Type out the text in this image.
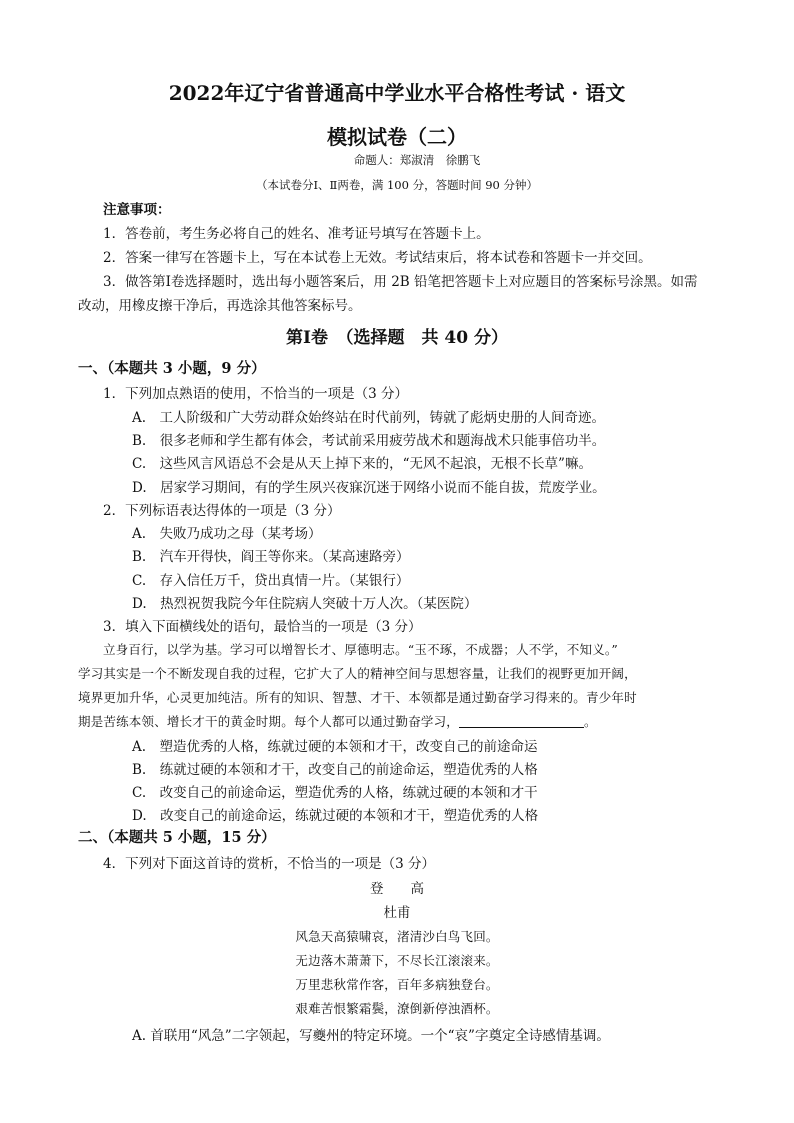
2022年辽宁省普通高中学业水平合格性考试 · 语文
模拟试卷（二）
命题人：郑淑清　徐鹏飞
（本试卷分Ⅰ、Ⅱ两卷，满 100 分，答题时间 90 分钟）
注意事项：
1．答卷前，考生务必将自己的姓名、准考证号填写在答题卡上。
2．答案一律写在答题卡上，写在本试卷上无效。考试结束后，将本试卷和答题卡一并交回。
3．做答第Ⅰ卷选择题时，选出每小题答案后，用 2B 铅笔把答题卡上对应题目的答案标号涂黑。如需
改动，用橡皮擦干净后，再选涂其他答案标号。
第Ⅰ卷　（选择题　共 40 分）
一、（本题共 3 小题，9 分）
1．下列加点熟语的使用，不恰当的一项是（3 分）
A.　工人阶级和广大劳动群众始终站在时代前列，铸就了彪炳史册的人间奇迹。
B.　很多老师和学生都有体会，考试前采用疲劳战术和题海战术只能事倍功半。
C.　这些风言风语总不会是从天上掉下来的，“无风不起浪，无根不长草”嘛。
D.　居家学习期间，有的学生夙兴夜寐沉迷于网络小说而不能自拔，荒废学业。
2．下列标语表达得体的一项是（3 分）
A.　失败乃成功之母（某考场）
B.　汽车开得快，阎王等你来。（某高速路旁）
C.　存入信任万千，贷出真情一片。（某银行）
D.　热烈祝贺我院今年住院病人突破十万人次。（某医院）
3．填入下面横线处的语句，最恰当的一项是（3 分）
立身百行，以学为基。学习可以增智长才、厚德明志。“玉不琢，不成器；人不学，不知义。”
学习其实是一个不断发现自我的过程，它扩大了人的精神空间与思想容量，让我们的视野更加开阔，
境界更加升华，心灵更加纯洁。所有的知识、智慧、才干、本领都是通过勤奋学习得来的。青少年时
期是苦练本领、增长才干的黄金时期。每个人都可以通过勤奋学习，	。
A.　塑造优秀的人格，练就过硬的本领和才干，改变自己的前途命运
B.　练就过硬的本领和才干，改变自己的前途命运，塑造优秀的人格
C.　改变自己的前途命运，塑造优秀的人格，练就过硬的本领和才干
D.　改变自己的前途命运，练就过硬的本领和才干，塑造优秀的人格
二、（本题共 5 小题，15 分）
4．下列对下面这首诗的赏析，不恰当的一项是（3 分）
登　　高
杜甫
风急天高猿啸哀，渚清沙白鸟飞回。
无边落木萧萧下，不尽长江滚滚来。
万里悲秋常作客，百年多病独登台。
艰难苦恨繁霜鬓，潦倒新停浊酒杯。
A. 首联用“风急”二字领起，写夔州的特定环境。一个“哀”字奠定全诗感情基调。
